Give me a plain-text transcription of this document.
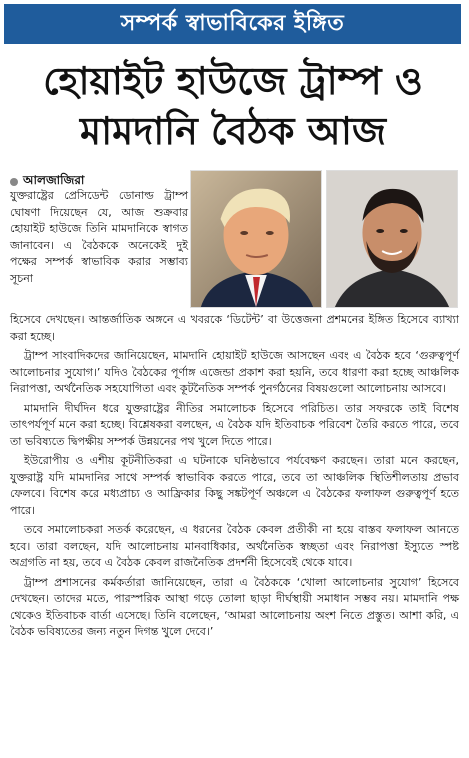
সম্পর্ক স্বাভাবিকের ইঙ্গিত
হোয়াইট হাউজে ট্রাম্প ও
মামদানি বৈঠক আজ
আলজাজিরা
যুক্তরাষ্ট্রের প্রেসিডেন্ট ডোনাল্ড ট্রাম্প ঘোষণা দিয়েছেন যে, আজ শুক্রবার হোয়াইট হাউজে তিনি মামদানিকে স্বাগত জানাবেন। এ বৈঠককে অনেকেই দুই পক্ষের সম্পর্ক স্বাভাবিক করার সম্ভাব্য সূচনা

হিসেবে দেখছেন। আন্তর্জাতিক অঙ্গনে এ খবরকে ‘ডিটেন্ট’ বা উত্তেজনা প্রশমনের ইঙ্গিত হিসেবে ব্যাখ্যা করা হচ্ছে।

ট্রাম্প সাংবাদিকদের জানিয়েছেন, মামদানি হোয়াইট হাউজে আসছেন এবং এ বৈঠক হবে ‘গুরুত্বপূর্ণ আলোচনার সুযোগ।’ যদিও বৈঠকের পূর্ণাঙ্গ এজেন্ডা প্রকাশ করা হয়নি, তবে ধারণা করা হচ্ছে আঞ্চলিক নিরাপত্তা, অর্থনৈতিক সহযোগিতা এবং কূটনৈতিক সম্পর্ক পুনর্গঠনের বিষয়গুলো আলোচনায় আসবে।

মামদানি দীর্ঘদিন ধরে যুক্তরাষ্ট্রের নীতির সমালোচক হিসেবে পরিচিত। তার সফরকে তাই বিশেষ তাৎপর্যপূর্ণ মনে করা হচ্ছে। বিশ্লেষকরা বলছেন, এ বৈঠক যদি ইতিবাচক পরিবেশ তৈরি করতে পারে, তবে তা ভবিষ্যতে দ্বিপক্ষীয় সম্পর্ক উন্নয়নের পথ খুলে দিতে পারে।

ইউরোপীয় ও এশীয় কূটনীতিকরা এ ঘটনাকে ঘনিষ্ঠভাবে পর্যবেক্ষণ করছেন। তারা মনে করছেন, যুক্তরাষ্ট্র যদি মামদানির সাথে সম্পর্ক স্বাভাবিক করতে পারে, তবে তা আঞ্চলিক স্থিতিশীলতায় প্রভাব ফেলবে। বিশেষ করে মধ্যপ্রাচ্য ও আফ্রিকার কিছু সঙ্কটপূর্ণ অঞ্চলে এ বৈঠকের ফলাফল গুরুত্বপূর্ণ হতে পারে।

তবে সমালোচকরা সতর্ক করেছেন, এ ধরনের বৈঠক কেবল প্রতীকী না হয়ে বাস্তব ফলাফল আনতে হবে। তারা বলছেন, যদি আলোচনায় মানবাধিকার, অর্থনৈতিক স্বচ্ছতা এবং নিরাপত্তা ইস্যুতে স্পষ্ট অগ্রগতি না হয়, তবে এ বৈঠক কেবল রাজনৈতিক প্রদর্শনী হিসেবেই থেকে যাবে।

ট্রাম্প প্রশাসনের কর্মকর্তারা জানিয়েছেন, তারা এ বৈঠককে ‘খোলা আলোচনার সুযোগ’ হিসেবে দেখছেন। তাদের মতে, পারস্পরিক আস্থা গড়ে তোলা ছাড়া দীর্ঘস্থায়ী সমাধান সম্ভব নয়। মামদানি পক্ষ থেকেও ইতিবাচক বার্তা এসেছে। তিনি বলেছেন, ‘আমরা আলোচনায় অংশ নিতে প্রস্তুত। আশা করি, এ বৈঠক ভবিষ্যতের জন্য নতুন দিগন্ত খুলে দেবে।’
